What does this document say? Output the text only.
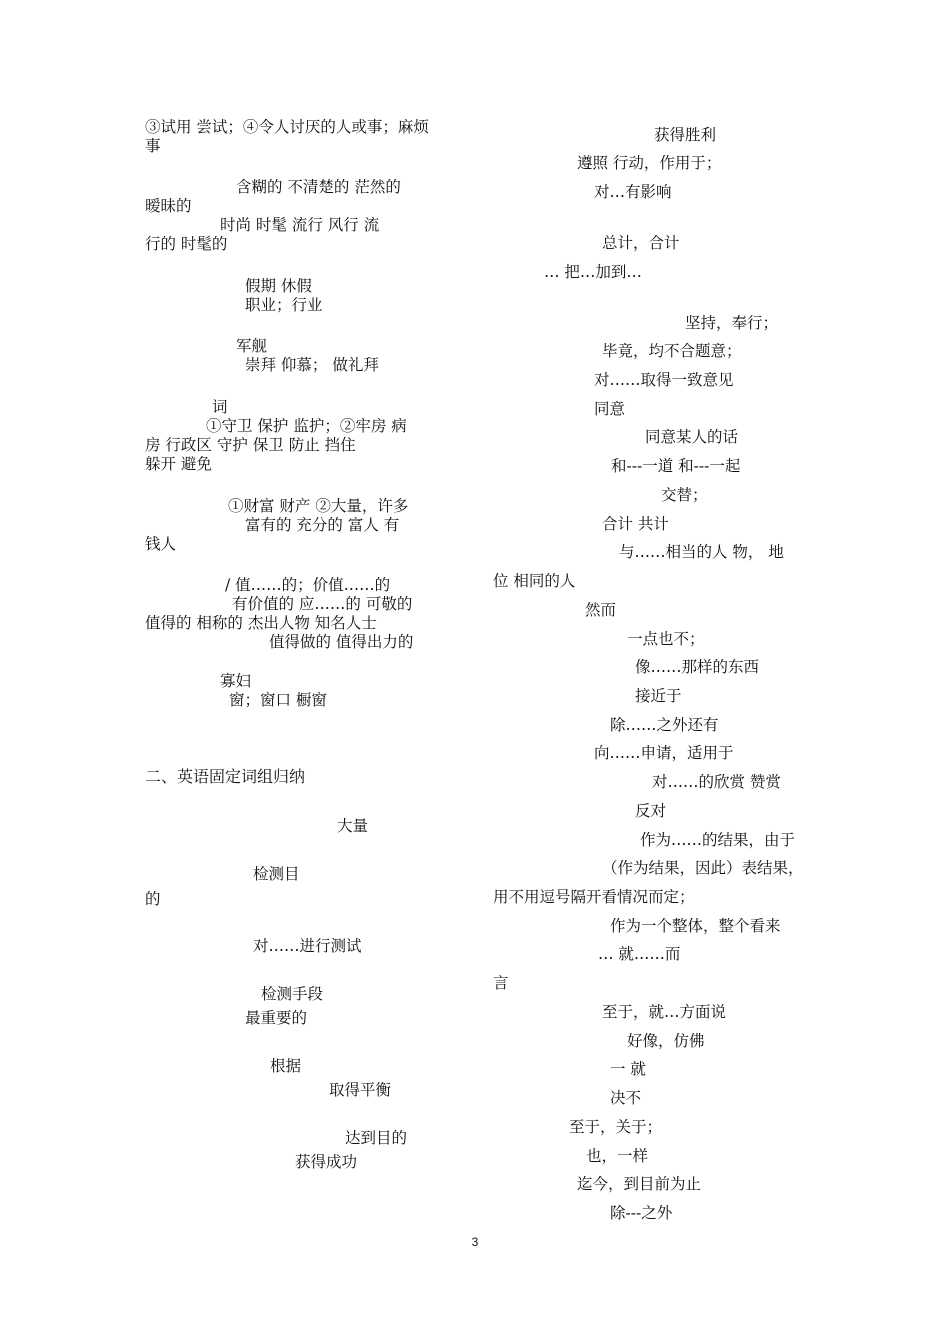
③试用 尝试；④令人讨厌的人或事；麻烦
事
含糊的 不清楚的 茫然的
暧昧的
时尚 时髦 流行 风行 流
行的 时髦的
假期 休假
职业；行业
军舰
崇拜 仰慕； 做礼拜
词
①守卫 保护 监护；②牢房 病
房 行政区 守护 保卫 防止 挡住
躲开 避免
①财富 财产 ②大量，许多
富有的 充分的 富人 有
钱人
/ 值……的；价值……的
有价值的 应……的 可敬的
值得的 相称的 杰出人物 知名人士
值得做的 值得出力的
寡妇
窗；窗口 橱窗
二、英语固定词组归纳
大量
检测目
的
对……进行测试
检测手段
最重要的
根据
取得平衡
达到目的
获得成功
获得胜利
遵照 行动，作用于；
对…有影响
总计，合计
… 把…加到…
坚持，奉行；
毕竟，均不合题意；
对……取得一致意见
同意
同意某人的话
和---一道 和---一起
交替；
合计 共计
与……相当的人 物， 地
位 相同的人
然而
一点也不；
像……那样的东西
接近于
除……之外还有
向……申请，适用于
对……的欣赏 赞赏
反对
作为……的结果，由于
（作为结果，因此）表结果，
用不用逗号隔开看情况而定；
作为一个整体，整个看来
… 就……而
言
至于，就…方面说
好像，仿佛
一 就
决不
至于，关于；
也，一样
迄今，到目前为止
除---之外
3
